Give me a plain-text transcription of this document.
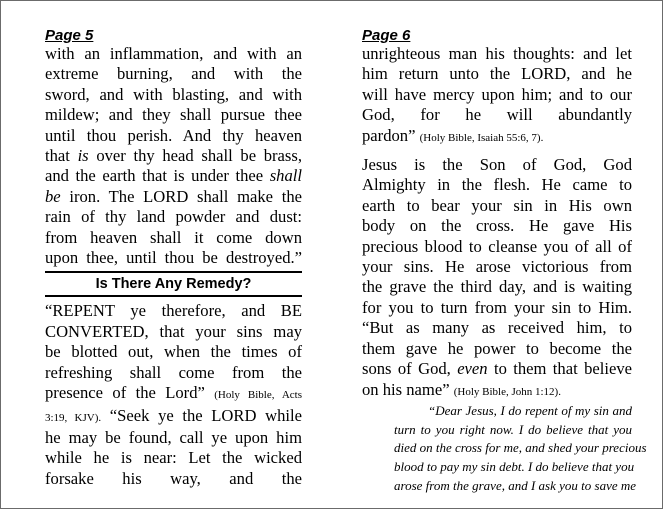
Page 5
with an inflammation, and with an
extreme burning, and with the
sword, and with blasting, and with
mildew; and they shall pursue thee
until thou perish. And thy heaven
that is over thy head shall be brass,
and the earth that is under thee shall
be iron. The LORD shall make the
rain of thy land powder and dust:
from heaven shall it come down
upon thee, until thou be destroyed.”
Is There Any Remedy?
“REPENT ye therefore, and BE
CONVERTED, that your sins may
be blotted out, when the times of
refreshing shall come from the
presence of the Lord” (Holy Bible, Acts
3:19, KJV). “Seek ye the LORD while
he may be found, call ye upon him
while he is near: Let the wicked
forsake his way, and the
Page 6
unrighteous man his thoughts: and let
him return unto the LORD, and he
will have mercy upon him; and to our
God, for he will abundantly
pardon” (Holy Bible, Isaiah 55:6, 7).
Jesus is the Son of God, God
Almighty in the flesh. He came to
earth to bear your sin in His own
body on the cross. He gave His
precious blood to cleanse you of all of
your sins. He arose victorious from
the grave the third day, and is waiting
for you to turn from your sin to Him.
“But as many as received him, to
them gave he power to become the
sons of God, even to them that believe
on his name” (Holy Bible, John 1:12).
“Dear Jesus, I do repent of my sin and
turn to you right now. I do believe that you
died on the cross for me, and shed your precious
blood to pay my sin debt. I do believe that you
arose from the grave, and I ask you to save me
